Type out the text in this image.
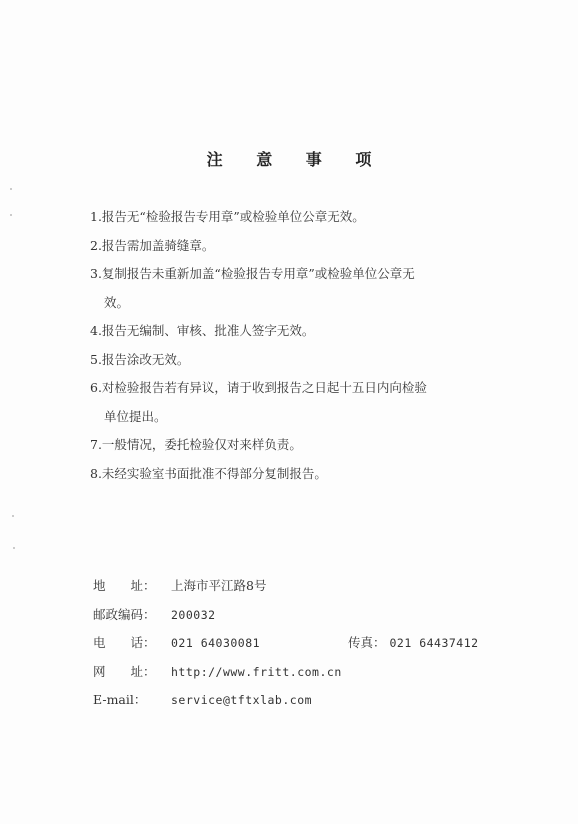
注 意 事 项
1.报告无“检验报告专用章”或检验单位公章无效。
2.报告需加盖骑缝章。
3.复制报告未重新加盖“检验报告专用章”或检验单位公章无
效。
4.报告无编制、审核、批准人签字无效。
5.报告涂改无效。
6.对检验报告若有异议，请于收到报告之日起十五日内向检验
单位提出。
7.一般情况，委托检验仅对来样负责。
8.未经实验室书面批准不得部分复制报告。
地　　址： 上海市平江路8号
邮政编码： 200032
电　　话： 021 64030081	传真： 021 64437412
网　　址： http://www.fritt.com.cn
E-mail： service@tftxlab.com
